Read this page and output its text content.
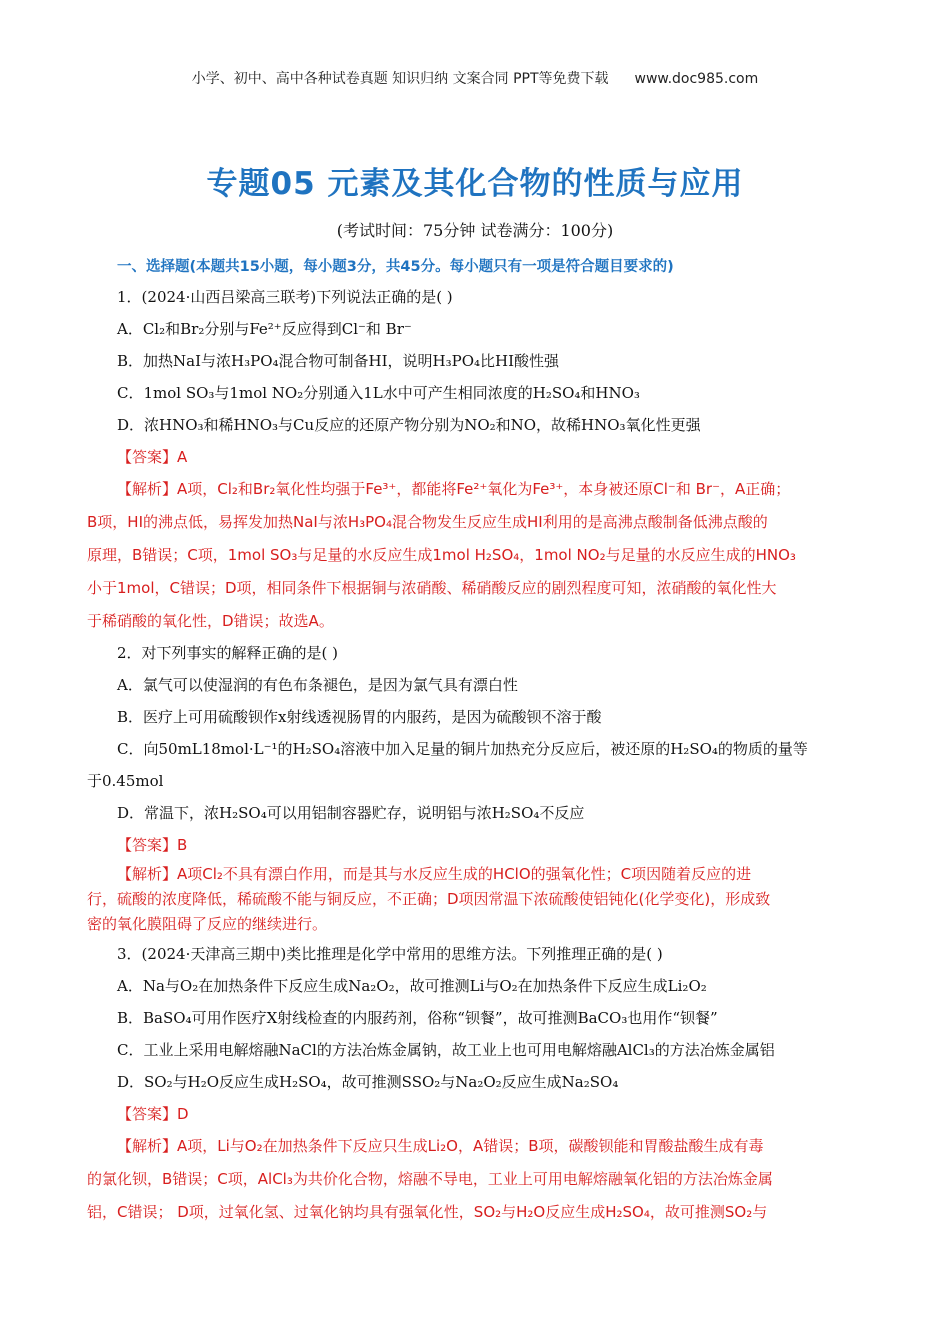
小学、初中、高中各种试卷真题 知识归纳 文案合同 PPT等免费下载 www.doc985.com
专题05 元素及其化合物的性质与应用
(考试时间：75分钟 试卷满分：100分)
一、选择题(本题共15小题，每小题3分，共45分。每小题只有一项是符合题目要求的)
1．(2024·山西吕梁高三联考)下列说法正确的是( )
A．Cl₂和Br₂分别与Fe²⁺反应得到Cl⁻和 Br⁻
B．加热NaI与浓H₃PO₄混合物可制备HI，说明H₃PO₄比HI酸性强
C．1mol SO₃与1mol NO₂分别通入1L水中可产生相同浓度的H₂SO₄和HNO₃
D．浓HNO₃和稀HNO₃与Cu反应的还原产物分别为NO₂和NO，故稀HNO₃氧化性更强
【答案】A
【解析】A项，Cl₂和Br₂氧化性均强于Fe³⁺，都能将Fe²⁺氧化为Fe³⁺，本身被还原Cl⁻和 Br⁻，A正确；
B项，HI的沸点低，易挥发加热NaI与浓H₃PO₄混合物发生反应生成HI利用的是高沸点酸制备低沸点酸的
原理，B错误；C项，1mol SO₃与足量的水反应生成1mol H₂SO₄，1mol NO₂与足量的水反应生成的HNO₃
小于1mol，C错误；D项，相同条件下根据铜与浓硝酸、稀硝酸反应的剧烈程度可知，浓硝酸的氧化性大
于稀硝酸的氧化性，D错误；故选A。
2．对下列事实的解释正确的是( )
A．氯气可以使湿润的有色布条褪色，是因为氯气具有漂白性
B．医疗上可用硫酸钡作x射线透视肠胃的内服药，是因为硫酸钡不溶于酸
C．向50mL18mol·L⁻¹的H₂SO₄溶液中加入足量的铜片加热充分反应后，被还原的H₂SO₄的物质的量等
于0.45mol
D．常温下，浓H₂SO₄可以用铝制容器贮存，说明铝与浓H₂SO₄不反应
【答案】B
【解析】A项Cl₂不具有漂白作用，而是其与水反应生成的HClO的强氧化性；C项因随着反应的进
行，硫酸的浓度降低，稀硫酸不能与铜反应，不正确；D项因常温下浓硫酸使铝钝化(化学变化)，形成致
密的氧化膜阻碍了反应的继续进行。
3．(2024·天津高三期中)类比推理是化学中常用的思维方法。下列推理正确的是( )
A．Na与O₂在加热条件下反应生成Na₂O₂，故可推测Li与O₂在加热条件下反应生成Li₂O₂
B．BaSO₄可用作医疗X射线检查的内服药剂，俗称“钡餐”，故可推测BaCO₃也用作“钡餐”
C．工业上采用电解熔融NaCl的方法冶炼金属钠，故工业上也可用电解熔融AlCl₃的方法冶炼金属铝
D．SO₂与H₂O反应生成H₂SO₄，故可推测SSO₂与Na₂O₂反应生成Na₂SO₄
【答案】D
【解析】A项，Li与O₂在加热条件下反应只生成Li₂O，A错误；B项，碳酸钡能和胃酸盐酸生成有毒
的氯化钡，B错误；C项，AlCl₃为共价化合物，熔融不导电，工业上可用电解熔融氧化铝的方法冶炼金属
铝，C错误； D项，过氧化氢、过氧化钠均具有强氧化性，SO₂与H₂O反应生成H₂SO₄，故可推测SO₂与
